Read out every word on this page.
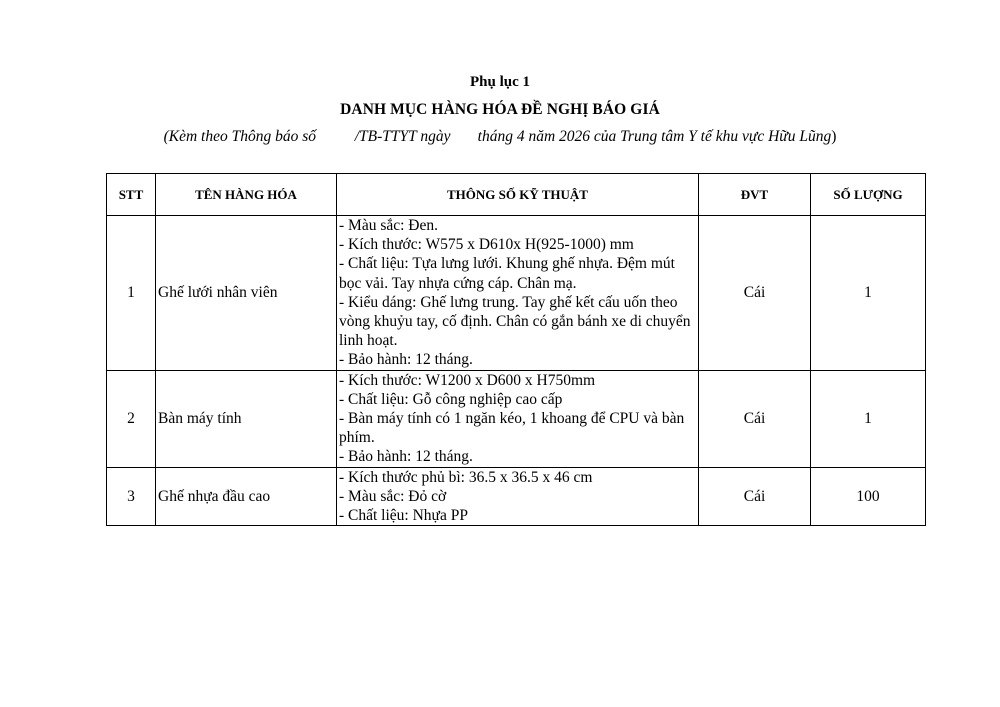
Phụ lục 1
DANH MỤC HÀNG HÓA ĐỀ NGHỊ BÁO GIÁ
(Kèm theo Thông báo số          /TB-TTYT ngày       tháng 4 năm 2026 của Trung tâm Y tế khu vực Hữu Lũng)
STT	TÊN HÀNG HÓA	THÔNG SỐ KỸ THUẬT	ĐVT	SỐ LƯỢNG
1	Ghế lưới nhân viên	- Màu sắc: Đen.
- Kích thước: W575 x D610x H(925-1000) mm
- Chất liệu: Tựa lưng lưới. Khung ghế nhựa. Đệm mút bọc vải. Tay nhựa cứng cáp. Chân mạ.
- Kiểu dáng: Ghế lưng trung. Tay ghế kết cấu uốn theo vòng khuỷu tay, cố định. Chân có gắn bánh xe di chuyển linh hoạt.
- Bảo hành: 12 tháng.	Cái	1
2	Bàn máy tính	- Kích thước: W1200 x D600 x H750mm
- Chất liệu: Gỗ công nghiệp cao cấp
- Bàn máy tính có 1 ngăn kéo, 1 khoang để CPU và bàn phím.
- Bảo hành: 12 tháng.	Cái	1
3	Ghế nhựa đầu cao	- Kích thước phủ bì: 36.5 x 36.5 x 46 cm
- Màu sắc: Đỏ cờ
- Chất liệu: Nhựa PP	Cái	100
